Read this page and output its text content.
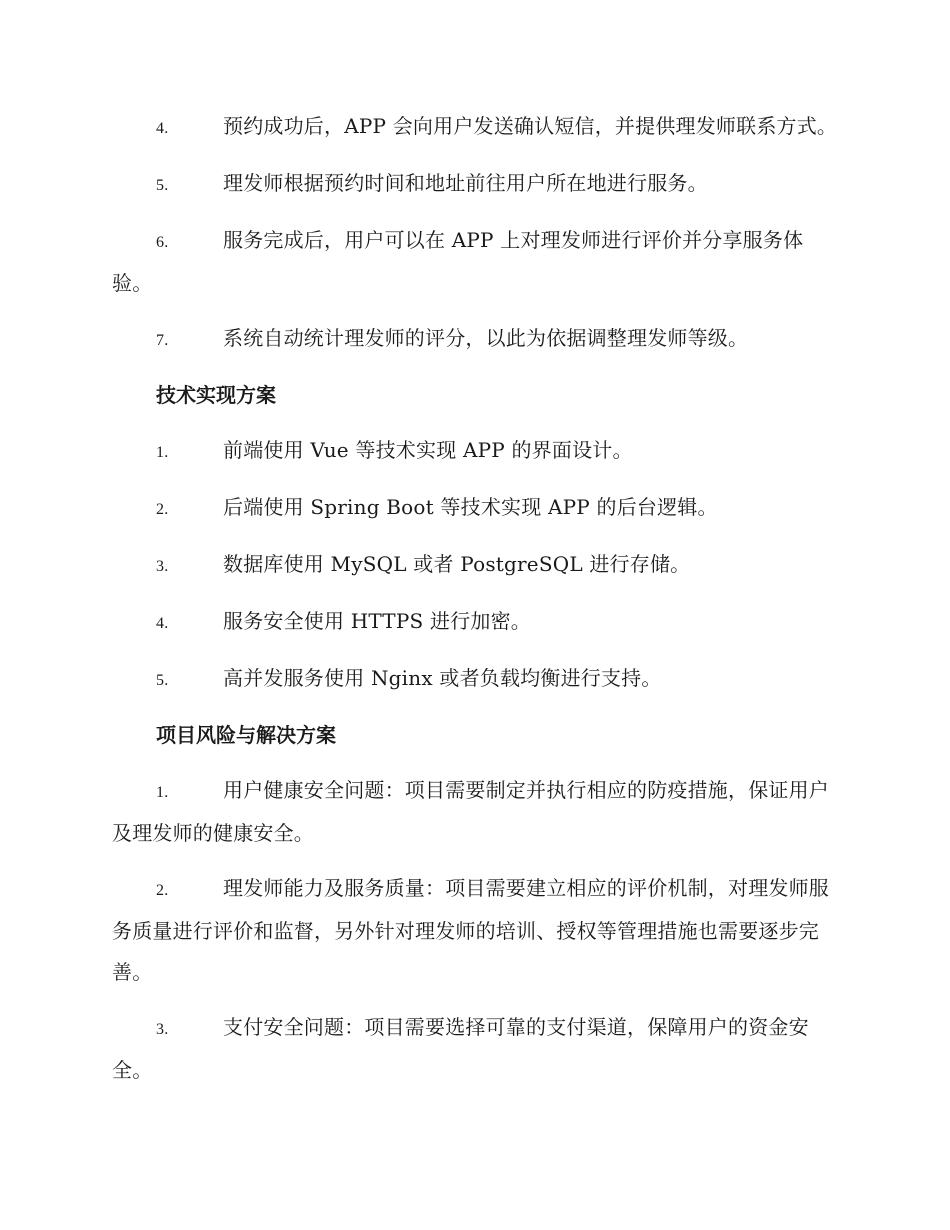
4.	预约成功后，APP 会向用户发送确认短信，并提供理发师联系方式。

5.	理发师根据预约时间和地址前往用户所在地进行服务。

6.	服务完成后，用户可以在 APP 上对理发师进行评价并分享服务体验。

7.	系统自动统计理发师的评分，以此为依据调整理发师等级。

技术实现方案

1.	前端使用 Vue 等技术实现 APP 的界面设计。

2.	后端使用 Spring Boot 等技术实现 APP 的后台逻辑。

3.	数据库使用 MySQL 或者 PostgreSQL 进行存储。

4.	服务安全使用 HTTPS 进行加密。

5.	高并发服务使用 Nginx 或者负载均衡进行支持。

项目风险与解决方案

1.	用户健康安全问题：项目需要制定并执行相应的防疫措施，保证用户及理发师的健康安全。

2.	理发师能力及服务质量：项目需要建立相应的评价机制，对理发师服务质量进行评价和监督，另外针对理发师的培训、授权等管理措施也需要逐步完善。

3.	支付安全问题：项目需要选择可靠的支付渠道，保障用户的资金安全。
